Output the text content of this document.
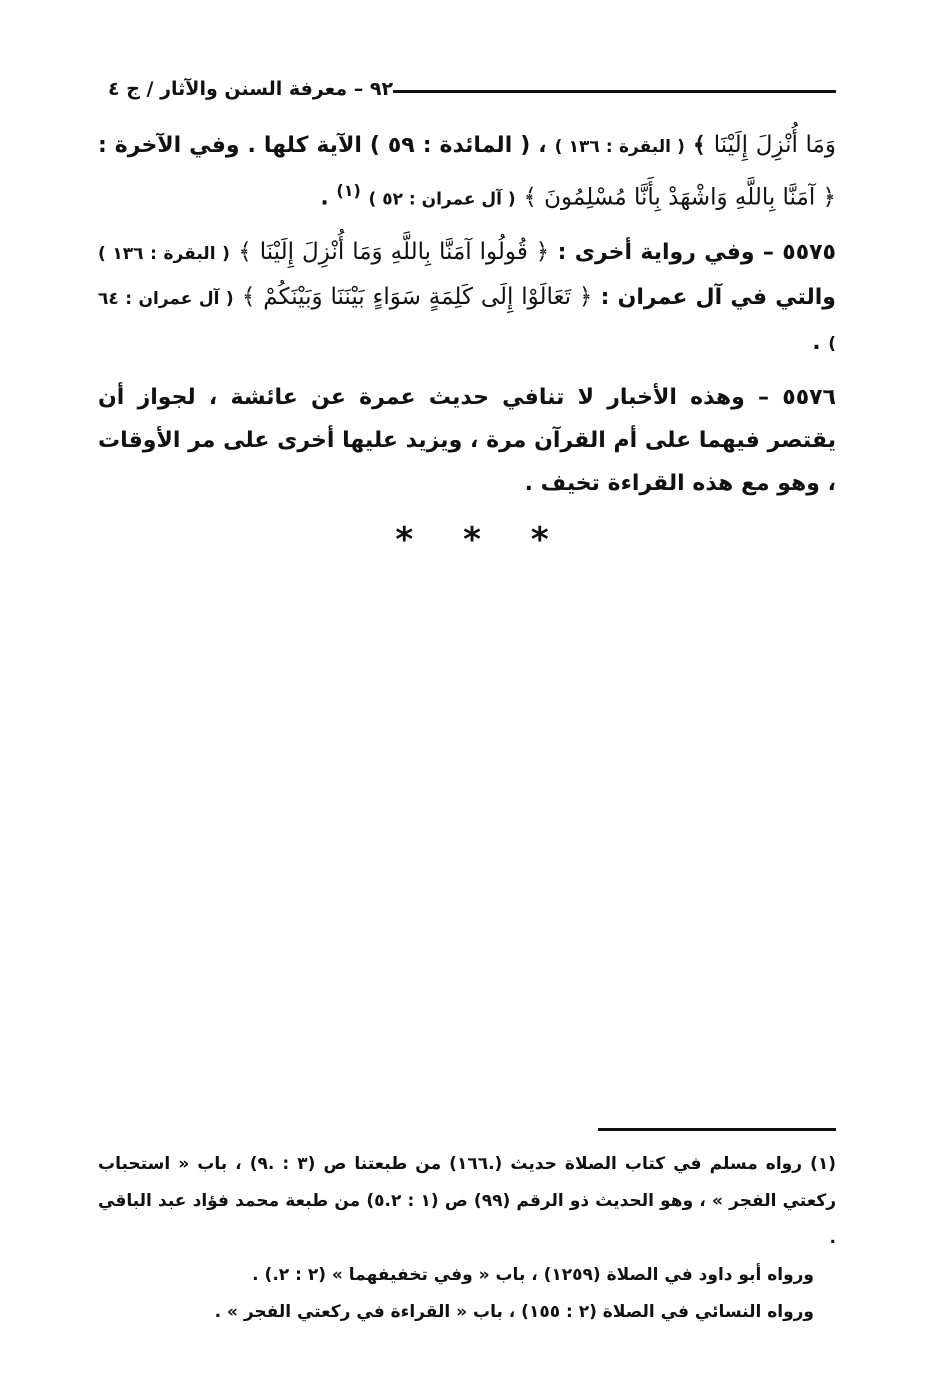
٩٢ – معرفة السنن والآثار / ج ٤

وَمَا أُنْزِلَ إِلَيْنَا ﴾ ( البقرة : ١٣٦ ) ، ( المائدة : ٥٩ ) الآية كلها . وفي الآخرة : ﴿ آمَنَّا بِاللَّهِ وَاشْهَدْ بِأَنَّا مُسْلِمُونَ ﴾ ( آل عمران : ٥٢ ) $^{(١)}$ .

٥٥٧٥ – وفي رواية أخرى : ﴿ قُولُوا آمَنَّا بِاللَّهِ وَمَا أُنْزِلَ إِلَيْنَا ﴾ ( البقرة : ١٣٦ ) والتي في آل عمران : ﴿ تَعَالَوْا إِلَى كَلِمَةٍ سَوَاءٍ بَيْنَنَا وَبَيْنَكُمْ ﴾ ( آل عمران : ٦٤ ) .

٥٥٧٦ – وهذه الأخبار لا تنافي حديث عمرة عن عائشة ، لجواز أن يقتصر فيهما على أم القرآن مرة ، ويزيد عليها أخرى على مر الأوقات ، وهو مع هذه القراءة تخيف .

* * *

(١) رواه مسلم في كتاب الصلاة حديث (.١٦٦) من طبعتنا ص (٣ : .٩) ، باب « استحباب ركعتي الفجر » ، وهو الحديث ذو الرقم (٩٩) ص (١ : ٥.٢) من طبعة محمد فؤاد عبد الباقي .

ورواه أبو داود في الصلاة (١٢٥٩) ، باب « وفي تخفيفهما » (٢ : ٢.) .

ورواه النسائي في الصلاة (٢ : ١٥٥) ، باب « القراءة في ركعتي الفجر » .
